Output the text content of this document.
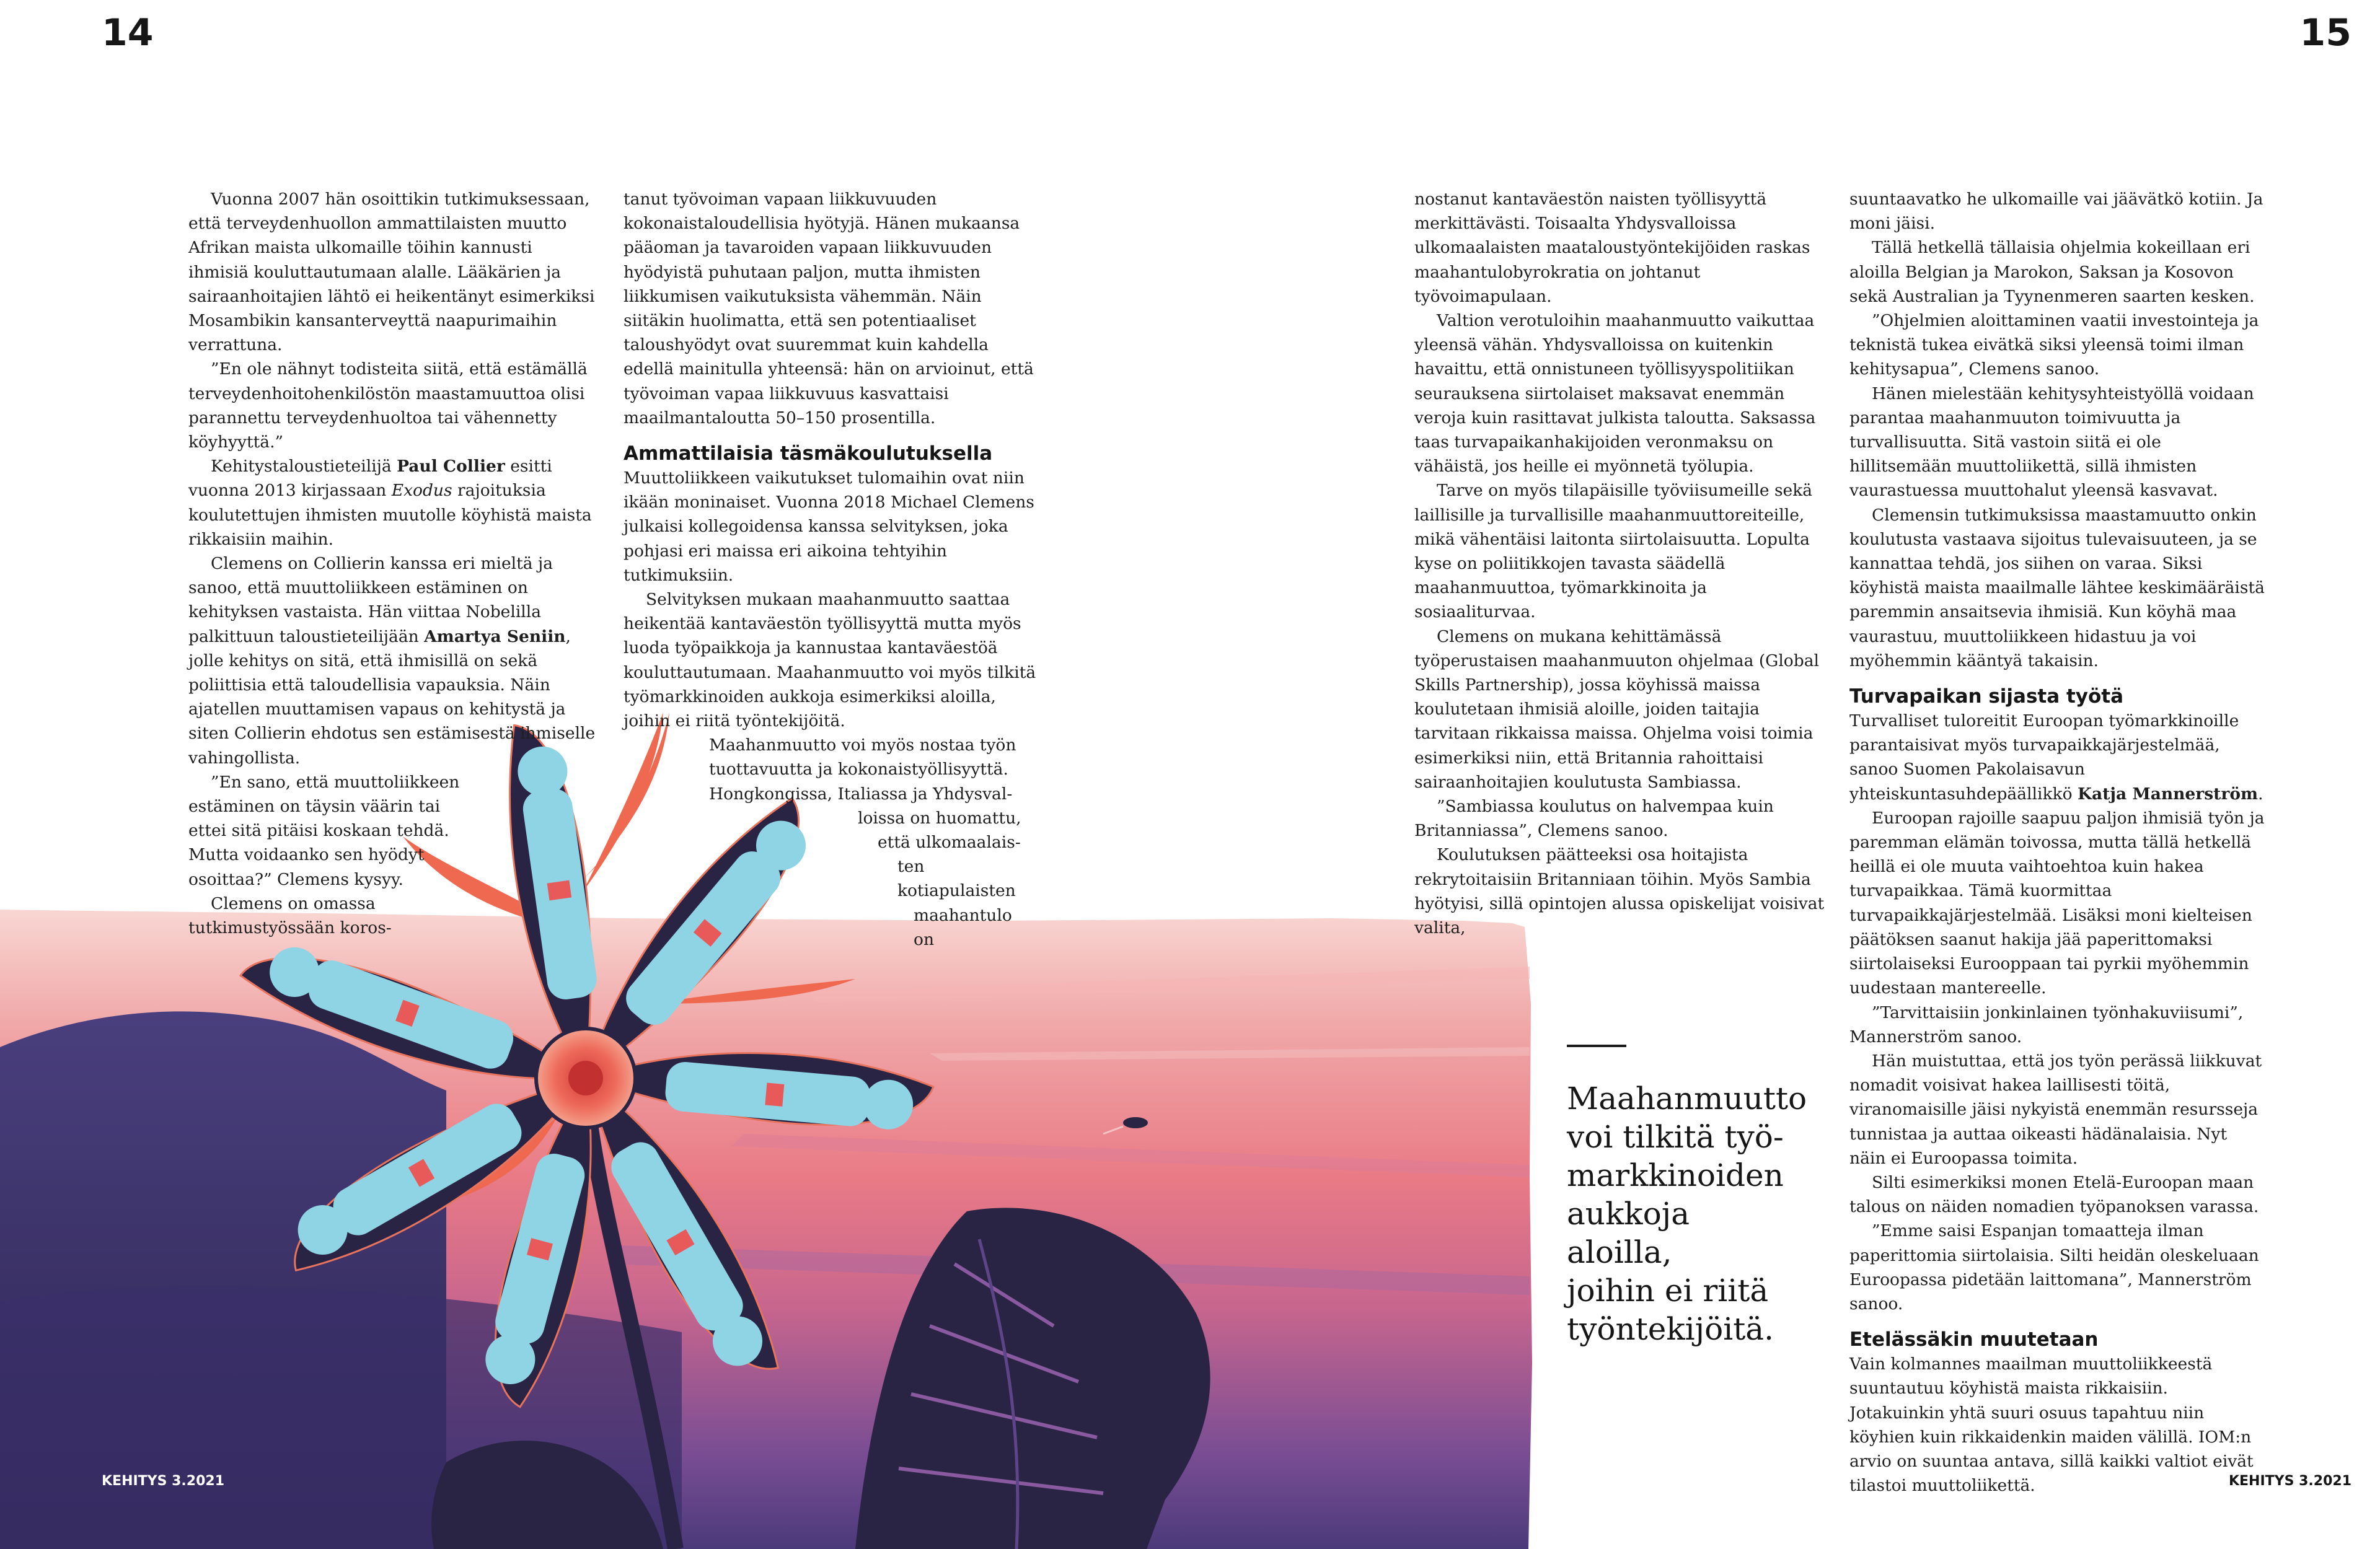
14	15

Vuonna 2007 hän osoittikin tutkimuksessaan, että terveydenhuollon ammattilaisten muutto Afrikan maista ulkomaille töihin kannusti ihmisiä kouluttautumaan alalle. Lääkärien ja sairaanhoitajien lähtö ei heikentänyt esimerkiksi Mosambikin kansanterveyttä naapurimaihin verrattuna.

”En ole nähnyt todisteita siitä, että estämällä terveydenhoitohenkilöstön maastamuuttoa olisi parannettu terveydenhuoltoa tai vähennetty köyhyyttä.”

Kehitystaloustieteilijä Paul Collier esitti vuonna 2013 kirjassaan Exodus rajoituksia koulutettujen ihmisten muutolle köyhistä maista rikkaisiin maihin.

Clemens on Collierin kanssa eri mieltä ja sanoo, että muuttoliikkeen estäminen on kehityksen vastaista. Hän viittaa Nobelilla palkittuun taloustieteilijään Amartya Seniin, jolle kehitys on sitä, että ihmisillä on sekä poliittisia että taloudellisia vapauksia. Näin ajatellen muuttamisen vapaus on kehitystä ja siten Collierin ehdotus sen estämisestä ihmiselle vahingollista.

”En sano, että muuttoliikkeen
estäminen on täysin väärin tai
ettei sitä pitäisi koskaan tehdä.
Mutta voidaanko sen hyödyt
osoittaa?” Clemens kysyy.
Clemens on omassa
tutkimustyössään koros-

tanut työvoiman vapaan liikkuvuuden kokonaistaloudellisia hyötyjä. Hänen mukaansa pääoman ja tavaroiden vapaan liikkuvuuden hyödyistä puhutaan paljon, mutta ihmisten liikkumisen vaikutuksista vähemmän. Näin siitäkin huolimatta, että sen potentiaaliset taloushyödyt ovat suuremmat kuin kahdella edellä mainitulla yhteensä: hän on arvioinut, että työvoiman vapaa liikkuvuus kasvattaisi maailmantaloutta 50–150 prosentilla.

Ammattilaisia täsmäkoulutuksella

Muuttoliikkeen vaikutukset tulomaihin ovat niin ikään moninaiset. Vuonna 2018 Michael Clemens julkaisi kollegoidensa kanssa selvityksen, joka pohjasi eri maissa eri aikoina tehtyihin tutkimuksiin.

Selvityksen mukaan maahanmuutto saattaa heikentää kantaväestön työllisyyttä mutta myös luoda työpaikkoja ja kannustaa kantaväestöä kouluttautumaan. Maahanmuutto voi myös tilkitä työmarkkinoiden aukkoja esimerkiksi aloilla, joihin ei riitä työntekijöitä.

Maahanmuutto voi myös nostaa työn
tuottavuutta ja kokonaistyöllisyyttä.
Hongkongissa, Italiassa ja Yhdysval-
loissa on huomattu,
että ulkomaalais-
ten kotiapulaisten
maahantulo on

nostanut kantaväestön naisten työllisyyttä merkittävästi. Toisaalta Yhdysvalloissa ulkomaalaisten maataloustyöntekijöiden raskas maahantulobyrokratia on johtanut työvoimapulaan.

Valtion verotuloihin maahanmuutto vaikuttaa yleensä vähän. Yhdysvalloissa on kuitenkin havaittu, että onnistuneen työllisyyspolitiikan seurauksena siirtolaiset maksavat enemmän veroja kuin rasittavat julkista taloutta. Saksassa taas turvapaikanhakijoiden veronmaksu on vähäistä, jos heille ei myönnetä työlupia.

Tarve on myös tilapäisille työviisumeille sekä laillisille ja turvallisille maahanmuuttoreiteille, mikä vähentäisi laitonta siirtolaisuutta. Lopulta kyse on poliitikkojen tavasta säädellä maahanmuuttoa, työmarkkinoita ja sosiaaliturvaa.

Clemens on mukana kehittämässä työperustaisen maahanmuuton ohjelmaa (Global Skills Partnership), jossa köyhissä maissa koulutetaan ihmisiä aloille, joiden taitajia tarvitaan rikkaissa maissa. Ohjelma voisi toimia esimerkiksi niin, että Britannia rahoittaisi sairaanhoitajien koulutusta Sambiassa.

”Sambiassa koulutus on halvempaa kuin Britanniassa”, Clemens sanoo.

Koulutuksen päätteeksi osa hoitajista rekrytoitaisiin Britanniaan töihin. Myös Sambia hyötyisi, sillä opintojen alussa opiskelijat voisivat valita,

suuntaavatko he ulkomaille vai jäävätkö kotiin. Ja moni jäisi.

Tällä hetkellä tällaisia ohjelmia kokeillaan eri aloilla Belgian ja Marokon, Saksan ja Kosovon sekä Australian ja Tyynenmeren saarten kesken.

”Ohjelmien aloittaminen vaatii investointeja ja teknistä tukea eivätkä siksi yleensä toimi ilman kehitysapua”, Clemens sanoo.

Hänen mielestään kehitysyhteistyöllä voidaan parantaa maahanmuuton toimivuutta ja turvallisuutta. Sitä vastoin siitä ei ole hillitsemään muuttoliikettä, sillä ihmisten vaurastuessa muuttohalut yleensä kasvavat.

Clemensin tutkimuksissa maastamuutto onkin koulutusta vastaava sijoitus tulevaisuuteen, ja se kannattaa tehdä, jos siihen on varaa. Siksi köyhistä maista maailmalle lähtee keskimääräistä paremmin ansaitsevia ihmisiä. Kun köyhä maa vaurastuu, muuttoliikkeen hidastuu ja voi myöhemmin kääntyä takaisin.

Turvapaikan sijasta työtä

Turvalliset tuloreitit Euroopan työmarkkinoille parantaisivat myös turvapaikkajärjestelmää, sanoo Suomen Pakolaisavun yhteiskuntasuhdepäällikkö Katja Mannerström.

Euroopan rajoille saapuu paljon ihmisiä työn ja paremman elämän toivossa, mutta tällä hetkellä heillä ei ole muuta vaihtoehtoa kuin hakea turvapaikkaa. Tämä kuormittaa turvapaikkajärjestelmää. Lisäksi moni kielteisen päätöksen saanut hakija jää paperittomaksi siirtolaiseksi Eurooppaan tai pyrkii myöhemmin uudestaan mantereelle.

”Tarvittaisiin jonkinlainen työnhakuviisumi”, Mannerström sanoo.

Hän muistuttaa, että jos työn perässä liikkuvat nomadit voisivat hakea laillisesti töitä, viranomaisille jäisi nykyistä enemmän resursseja tunnistaa ja auttaa oikeasti hädänalaisia. Nyt näin ei Euroopassa toimita.

Silti esimerkiksi monen Etelä-Euroopan maan talous on näiden nomadien työpanoksen varassa.

”Emme saisi Espanjan tomaatteja ilman paperittomia siirtolaisia. Silti heidän oleskeluaan Euroopassa pidetään laittomana”, Mannerström sanoo.

Etelässäkin muutetaan

Vain kolmannes maailman muuttoliikkeestä suuntautuu köyhistä maista rikkaisiin. Jotakuinkin yhtä suuri osuus tapahtuu niin köyhien kuin rikkaidenkin maiden välillä. IOM:n arvio on suuntaa antava, sillä kaikki valtiot eivät tilastoi muuttoliikettä.

Maahanmuutto
voi tilkitä työ-
markkinoiden
aukkoja aloilla,
joihin ei riitä
työntekijöitä.
KEHITYS 3.2021	KEHITYS 3.2021
